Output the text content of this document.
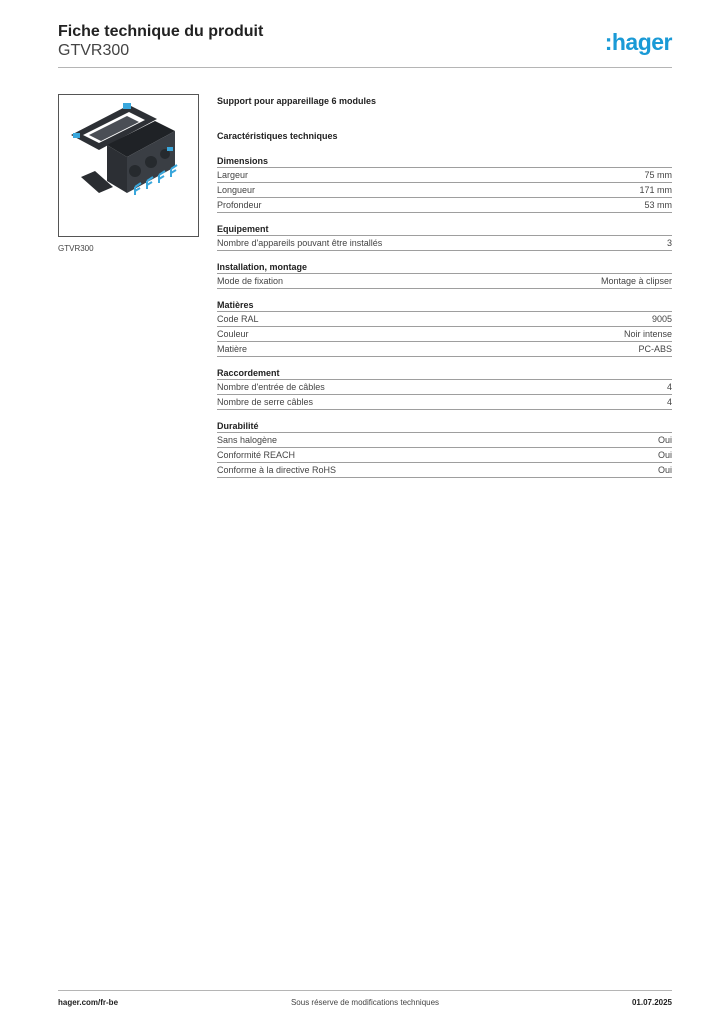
Fiche technique du produit
GTVR300	:hager
GTVR300
Support pour appareillage 6 modules
Caractéristiques techniques
Dimensions
Largeur	75 mm
Longueur	171 mm
Profondeur	53 mm
Equipement
Nombre d'appareils pouvant être installés	3
Installation, montage
Mode de fixation	Montage à clipser
Matières
Code RAL	9005
Couleur	Noir intense
Matière	PC-ABS
Raccordement
Nombre d'entrée de câbles	4
Nombre de serre câbles	4
Durabilité
Sans halogène	Oui
Conformité REACH	Oui
Conforme à la directive RoHS	Oui
Sous réserve de modifications techniques
hager.com/fr-be	01.07.2025
